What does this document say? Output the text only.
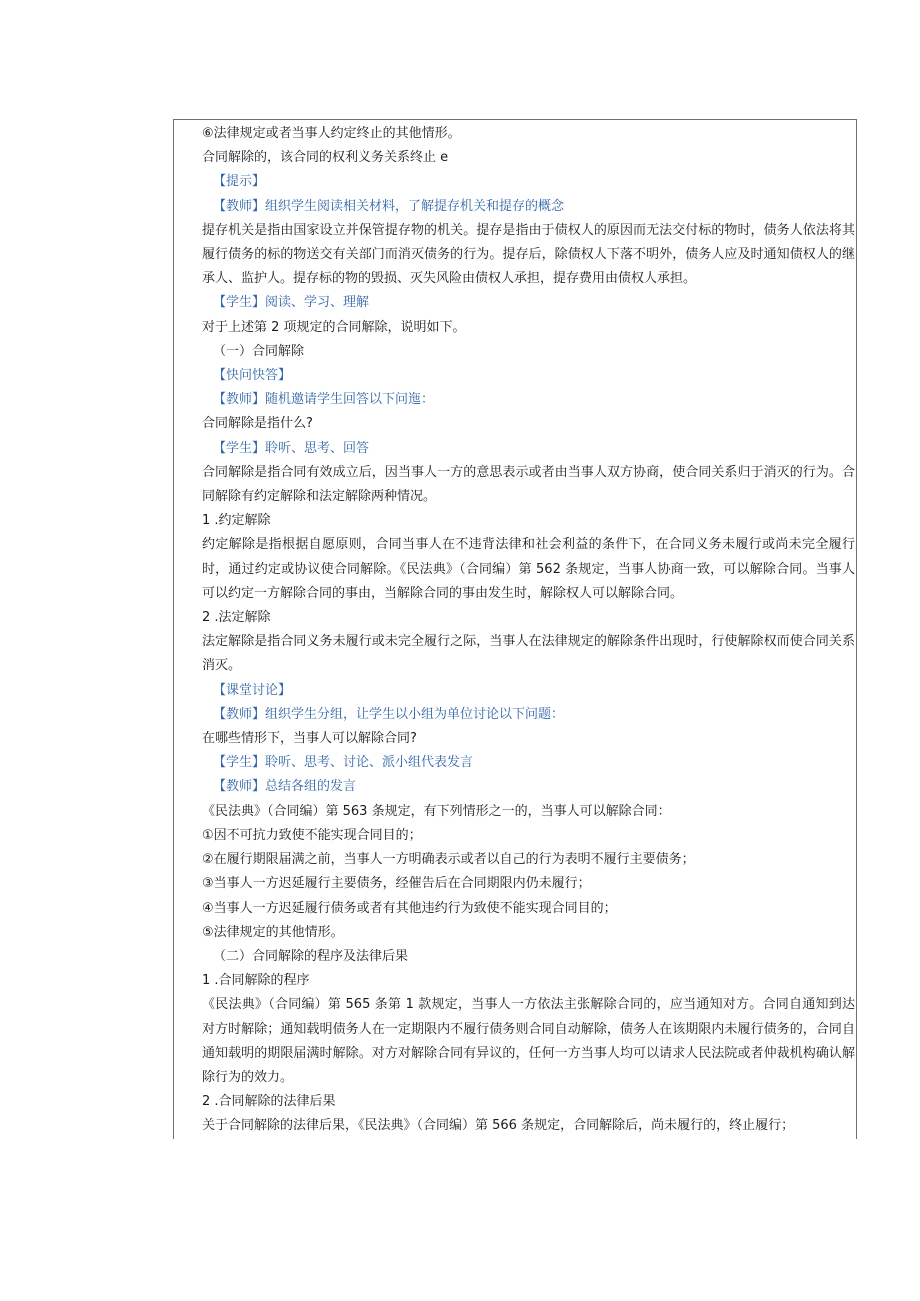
⑥法律规定或者当事人约定终止的其他情形。

合同解除的，该合同的权利义务关系终止 e

【提示】

【教师】组织学生阅读相关材料，了解提存机关和提存的概念

提存机关是指由国家设立并保管提存物的机关。提存是指由于债权人的原因而无法交付标的物时，债务人依法将其履行债务的标的物送交有关部门而消灭债务的行为。提存后，除债权人下落不明外，债务人应及时通知债权人的继承人、监护人。提存标的物的毁损、灭失风险由债权人承担，提存费用由债权人承担。

【学生】阅读、学习、理解

对于上述第 2 项规定的合同解除，说明如下。

（一）合同解除

【快问快答】

【教师】随机邀请学生回答以下问迤：

合同解除是指什么?

【学生】聆听、思考、回答

合同解除是指合同有效成立后，因当事人一方的意思表示或者由当事人双方协商，使合同关系归于消灭的行为。合同解除有约定解除和法定解除两种情况。

1 .约定解除

约定解除是指根据自愿原则，合同当事人在不违背法律和社会利益的条件下，在合同义务未履行或尚未完全履行时，通过约定或协议使合同解除。《民法典》（合同编）第 562 条规定，当事人协商一致，可以解除合同。当事人可以约定一方解除合同的事由，当解除合同的事由发生时，解除权人可以解除合同。

2 .法定解除

法定解除是指合同义务未履行或未完全履行之际，当事人在法律规定的解除条件出现时，行使解除权而使合同关系消灭。

【课堂讨论】

【教师】组织学生分组，让学生以小组为单位讨论以下问题：

在哪些情形下，当事人可以解除合同?

【学生】聆听、思考、讨论、派小组代表发言

【教师】总结各组的发言

《民法典》（合同编）第 563 条规定，有下列情形之一的，当事人可以解除合同：

①因不可抗力致使不能实现合同目的；

②在履行期限届满之前，当事人一方明确表示或者以自己的行为表明不履行主要债务；

③当事人一方迟延履行主要债务，经催告后在合同期限内仍未履行；

④当事人一方迟延履行债务或者有其他违约行为致使不能实现合同目的；

⑤法律规定的其他情形。

（二）合同解除的程序及法律后果

1 .合同解除的程序

《民法典》（合同编）第 565 条第 1 款规定，当事人一方依法主张解除合同的，应当通知对方。合同自通知到达对方时解除；通知载明债务人在一定期限内不履行债务则合同自动解除，债务人在该期限内未履行债务的，合同自通知载明的期限届满时解除。对方对解除合同有异议的，任何一方当事人均可以请求人民法院或者仲裁机构确认解除行为的效力。

2 .合同解除的法律后果

关于合同解除的法律后果，《民法典》（合同编）第 566 条规定，合同解除后，尚未履行的，终止履行；
